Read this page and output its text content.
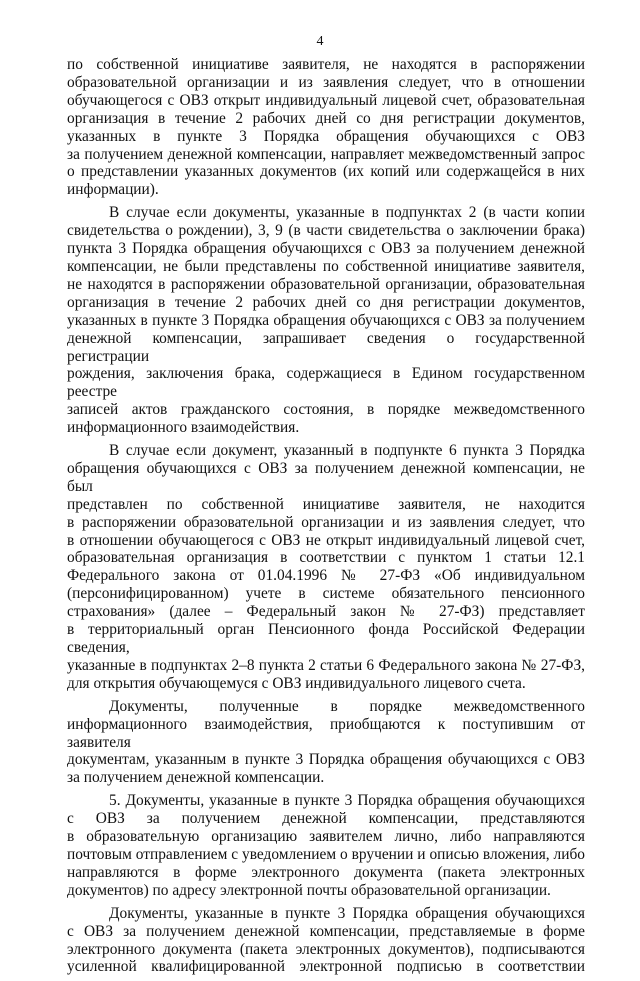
4
по собственной инициативе заявителя, не находятся в распоряжении
образовательной организации и из заявления следует, что в отношении
обучающегося с ОВЗ открыт индивидуальный лицевой счет, образовательная
организация в течение 2 рабочих дней со дня регистрации документов,
указанных в пункте 3 Порядка обращения обучающихся с ОВЗ
за получением денежной компенсации, направляет межведомственный запрос
о представлении указанных документов (их копий или содержащейся в них
информации).
В случае если документы, указанные в подпунктах 2 (в части копии
свидетельства о рождении), 3, 9 (в части свидетельства о заключении брака)
пункта 3 Порядка обращения обучающихся с ОВЗ за получением денежной
компенсации, не были представлены по собственной инициативе заявителя,
не находятся в распоряжении образовательной организации, образовательная
организация в течение 2 рабочих дней со дня регистрации документов,
указанных в пункте 3 Порядка обращения обучающихся с ОВЗ за получением
денежной компенсации, запрашивает сведения о государственной регистрации
рождения, заключения брака, содержащиеся в Едином государственном реестре
записей актов гражданского состояния, в порядке межведомственного
информационного взаимодействия.
В случае если документ, указанный в подпункте 6 пункта 3 Порядка
обращения обучающихся с ОВЗ за получением денежной компенсации, не был
представлен по собственной инициативе заявителя, не находится
в распоряжении образовательной организации и из заявления следует, что
в отношении обучающегося с ОВЗ не открыт индивидуальный лицевой счет,
образовательная организация в соответствии с пунктом 1 статьи 12.1
Федерального закона от 01.04.1996 № 27-ФЗ «Об индивидуальном
(персонифицированном) учете в системе обязательного пенсионного
страхования» (далее – Федеральный закон № 27-ФЗ) представляет
в территориальный орган Пенсионного фонда Российской Федерации сведения,
указанные в подпунктах 2–8 пункта 2 статьи 6 Федерального закона № 27-ФЗ,
для открытия обучающемуся с ОВЗ индивидуального лицевого счета.
Документы, полученные в порядке межведомственного
информационного взаимодействия, приобщаются к поступившим от заявителя
документам, указанным в пункте 3 Порядка обращения обучающихся с ОВЗ
за получением денежной компенсации.
5. Документы, указанные в пункте 3 Порядка обращения обучающихся
с ОВЗ за получением денежной компенсации, представляются
в образовательную организацию заявителем лично, либо направляются
почтовым отправлением с уведомлением о вручении и описью вложения, либо
направляются в форме электронного документа (пакета электронных
документов) по адресу электронной почты образовательной организации.
Документы, указанные в пункте 3 Порядка обращения обучающихся
с ОВЗ за получением денежной компенсации, представляемые в форме
электронного документа (пакета электронных документов), подписываются
усиленной квалифицированной электронной подписью в соответствии
